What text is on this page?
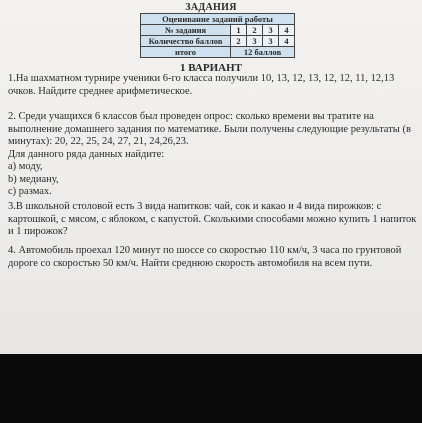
ЗАДАНИЯ
Оценивание заданий работы				
№ задания	1	2	3	4
Количество баллов	2	3	3	4
итого	12 баллов			
1 ВАРИАНТ

1.На шахматном турнире ученики 6-го класса получили 10, 13, 12, 13, 12, 12, 11, 12,13 очков. Найдите среднее арифметическое.

2. Среди учащихся 6 классов был проведен опрос: сколько времени вы тратите на выполнение домашнего задания по математике. Были получены следующие результаты (в минутах): 20, 22, 25, 24, 27, 21, 24,26,23.

Для данного ряда данных найдите:

а) моду,

b) медиану,

c) размах.

3.В школьной столовой есть 3 вида напитков: чай, сок и какао и 4 вида пирожков: с картошкой, с мясом, с яблоком, с капустой. Сколькими способами можно купить 1 напиток и 1 пирожок?

4. Автомобиль проехал 120 минут по шоссе со скоростью 110 км/ч, 3 часа по грунтовой дороге со скоростью 50 км/ч. Найти среднюю скорость автомобиля на всем пути.
